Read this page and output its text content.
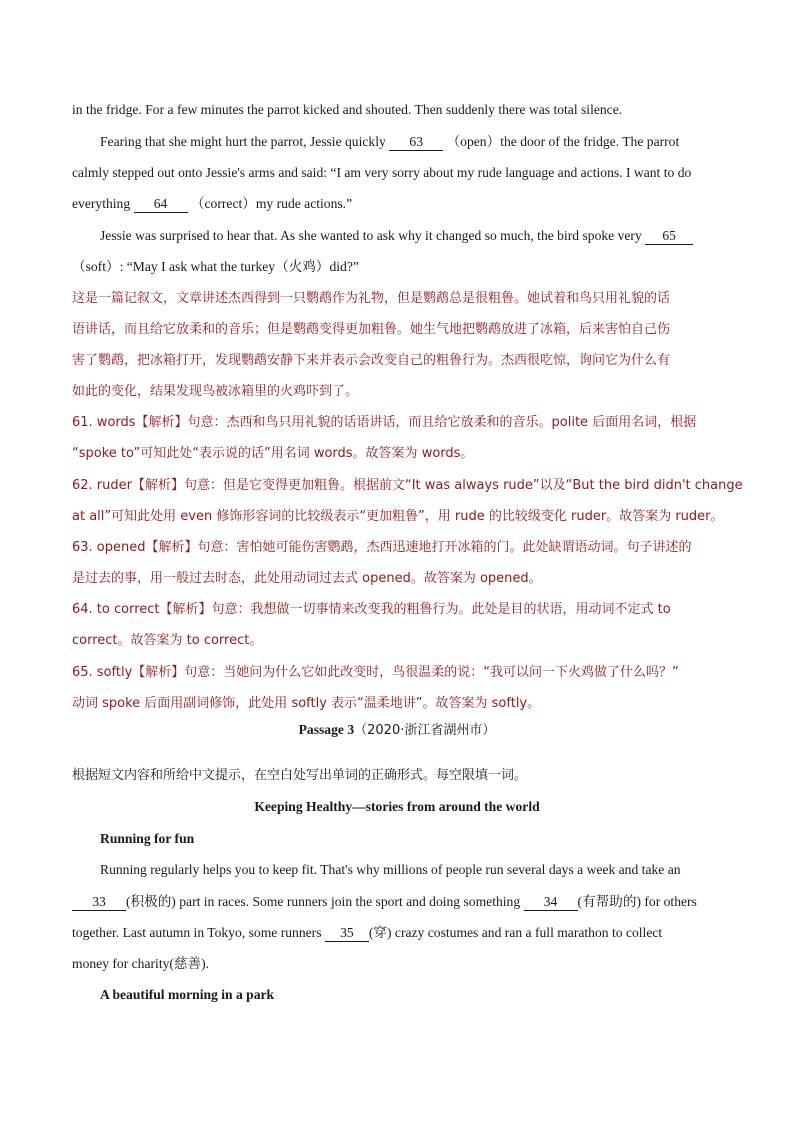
in the fridge. For a few minutes the parrot kicked and shouted. Then suddenly there was total silence.
Fearing that she might hurt the parrot, Jessie quickly 63 （open）the door of the fridge. The parrot
calmly stepped out onto Jessie's arms and said: “I am very sorry about my rude language and actions. I want to do
everything 64 （correct）my rude actions.”
Jessie was surprised to hear that. As she wanted to ask why it changed so much, the bird spoke very 65
（soft）: “May I ask what the turkey（火鸡）did?”
这是一篇记叙文，文章讲述杰西得到一只鹦鹉作为礼物，但是鹦鹉总是很粗鲁。她试着和鸟只用礼貌的话
语讲话，而且给它放柔和的音乐；但是鹦鹉变得更加粗鲁。她生气地把鹦鹉放进了冰箱，后来害怕自己伤
害了鹦鹉，把冰箱打开，发现鹦鹉安静下来并表示会改变自己的粗鲁行为。杰西很吃惊，询问它为什么有
如此的变化，结果发现鸟被冰箱里的火鸡吓到了。
61. words【解析】句意：杰西和鸟只用礼貌的话语讲话，而且给它放柔和的音乐。polite 后面用名词，根据
“spoke to”可知此处“表示说的话”用名词 words。故答案为 words。
62. ruder【解析】句意：但是它变得更加粗鲁。根据前文“It was always rude”以及“But the bird didn't change
at all”可知此处用 even 修饰形容词的比较级表示“更加粗鲁”，用 rude 的比较级变化 ruder。故答案为 ruder。
63. opened【解析】句意：害怕她可能伤害鹦鹉，杰西迅速地打开冰箱的门。此处缺谓语动词。句子讲述的
是过去的事，用一般过去时态，此处用动词过去式 opened。故答案为 opened。
64. to correct【解析】句意：我想做一切事情来改变我的粗鲁行为。此处是目的状语，用动词不定式 to
correct。故答案为 to correct。
65. softly【解析】句意：当她问为什么它如此改变时，鸟很温柔的说：“我可以问一下火鸡做了什么吗？”
动词 spoke 后面用副词修饰，此处用 softly 表示“温柔地讲”。故答案为 softly。
Passage 3（2020·浙江省湖州市）
根据短文内容和所给中文提示，在空白处写出单词的正确形式。每空限填一词。
Keeping Healthy—stories from around the world
Running for fun
Running regularly helps you to keep fit. That's why millions of people run several days a week and take an
33 (积极的) part in races. Some runners join the sport and doing something 34 (有帮助的) for others
together. Last autumn in Tokyo, some runners 35 (穿) crazy costumes and ran a full marathon to collect
money for charity(慈善).
A beautiful morning in a park
